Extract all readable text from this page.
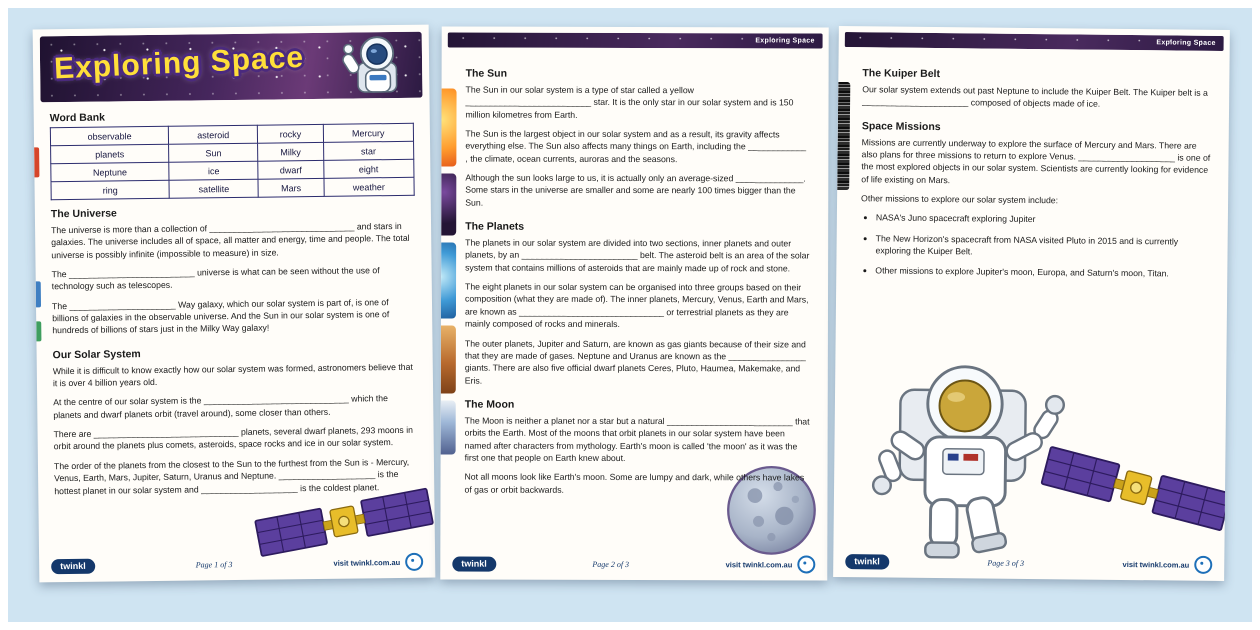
Exploring Space
Word Bank
observable	asteroid	rocky	Mercury
planets	Sun	Milky	star
Neptune	ice	dwarf	eight
ring	satellite	Mars	weather
The Universe

The universe is more than a collection of ______________________________ and stars in galaxies. The universe includes all of space, all matter and energy, time and people. The total universe is possibly infinite (impossible to measure) in size.

The __________________________ universe is what can be seen without the use of technology such as telescopes.

The ______________________ Way galaxy, which our solar system is part of, is one of billions of galaxies in the observable universe. And the Sun in our solar system is one of hundreds of billions of stars just in the Milky Way galaxy!

Our Solar System

While it is difficult to know exactly how our solar system was formed, astronomers believe that it is over 4 billion years old.

At the centre of our solar system is the ______________________________ which the planets and dwarf planets orbit (travel around), some closer than others.

There are ______________________________ planets, several dwarf planets, 293 moons in orbit around the planets plus comets, asteroids, space rocks and ice in our solar system.

The order of the planets from the closest to the Sun to the furthest from the Sun is - Mercury, Venus, Earth, Mars, Jupiter, Saturn, Uranus and Neptune. ____________________ is the hottest planet in our solar system and ____________________ is the coldest planet.

twinkl	Page 1 of 3	visit twinkl.com.au
Exploring Space
The Sun

The Sun in our solar system is a type of star called a yellow __________________________ star. It is the only star in our solar system and is 150 million kilometres from Earth.

The Sun is the largest object in our solar system and as a result, its gravity affects everything else. The Sun also affects many things on Earth, including the ____________ , the climate, ocean currents, auroras and the seasons.

Although the sun looks large to us, it is actually only an average-sized ______________. Some stars in the universe are smaller and some are nearly 100 times bigger than the Sun.

The Planets

The planets in our solar system are divided into two sections, inner planets and outer planets, by an ________________________ belt. The asteroid belt is an area of the solar system that contains millions of asteroids that are mainly made up of rock and stone.

The eight planets in our solar system can be organised into three groups based on their composition (what they are made of). The inner planets, Mercury, Venus, Earth and Mars, are known as ______________________________ or terrestrial planets as they are mainly composed of rocks and minerals.

The outer planets, Jupiter and Saturn, are known as gas giants because of their size and that they are made of gases. Neptune and Uranus are known as the ________________ giants. There are also five official dwarf planets Ceres, Pluto, Haumea, Makemake, and Eris.

The Moon

The Moon is neither a planet nor a star but a natural __________________________ that orbits the Earth. Most of the moons that orbit planets in our solar system have been named after characters from mythology. Earth's moon is called 'the moon' as it was the first one that people on Earth knew about.

Not all moons look like Earth's moon. Some are lumpy and dark, while others have lakes of gas or orbit backwards.

twinkl	Page 2 of 3	visit twinkl.com.au
Exploring Space
The Kuiper Belt

Our solar system extends out past Neptune to include the Kuiper Belt. The Kuiper belt is a ______________________ composed of objects made of ice.

Space Missions

Missions are currently underway to explore the surface of Mercury and Mars. There are also plans for three missions to return to explore Venus. ____________________ is one of the most explored objects in our solar system. Scientists are currently looking for evidence of life existing on Mars.

Other missions to explore our solar system include:

• NASA's Juno spacecraft exploring Jupiter
• The New Horizon's spacecraft from NASA visited Pluto in 2015 and is currently exploring the Kuiper Belt.
• Other missions to explore Jupiter's moon, Europa, and Saturn's moon, Titan.
twinkl	Page 3 of 3	visit twinkl.com.au
